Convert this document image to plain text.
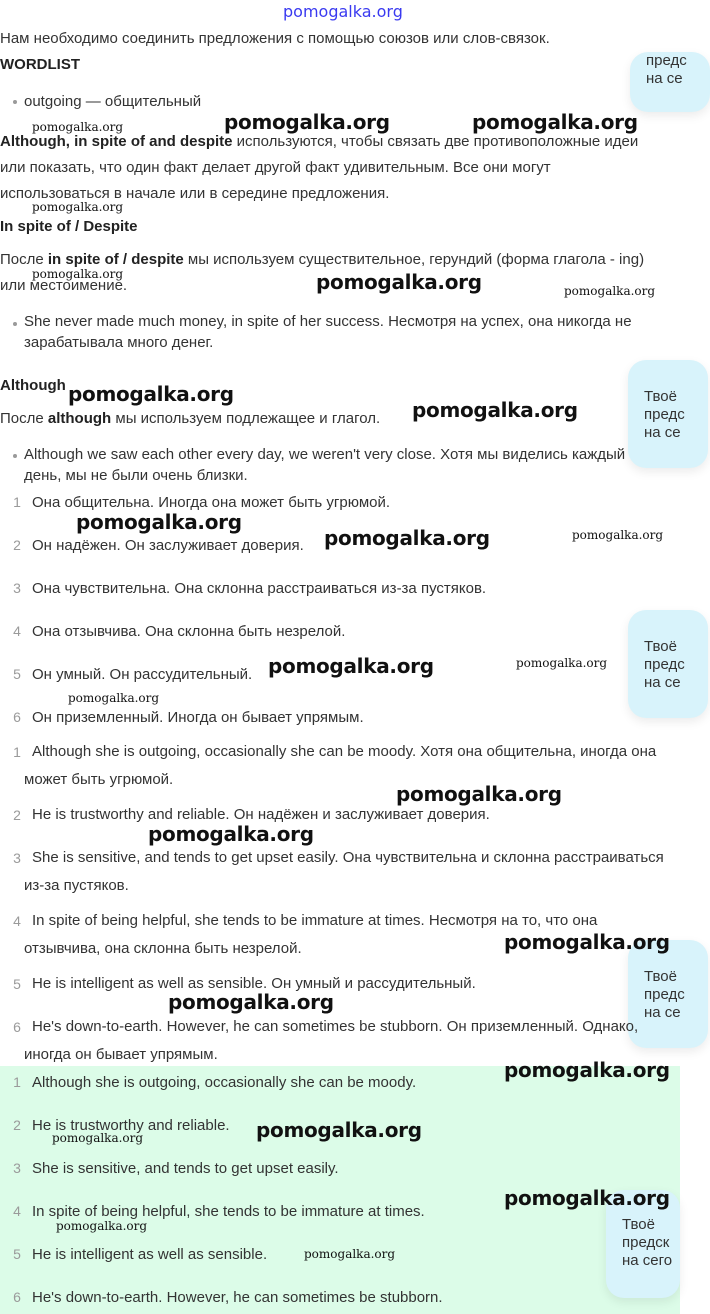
pomogalka.org
Нам необходимо соединить предложения с помощью союзов или слов-связок.
предс
на се
Твоё
предс
на се
Твоё
предс
на се
Твоё
предс
на се
WORDLIST
outgoing — общительный
Although, in spite of and despite используются, чтобы связать две противоположные идеи или показать, что один факт делает другой факт удивительным. Все они могут использоваться в начале или в середине предложения.
In spite of / Despite
После in spite of / despite мы используем существительное, герундий (форма глагола - ing) или местоимение.
She never made much money, in spite of her success. Несмотря на успех, она никогда не зарабатывала много денег.
Although
После although мы используем подлежащее и глагол.
Although we saw each other every day, we weren't very close. Хотя мы виделись каждый день, мы не были очень близки.
1 Она общительна. Иногда она может быть угрюмой.
2 Он надёжен. Он заслуживает доверия.
3 Она чувствительна. Она склонна расстраиваться из-за пустяков.
4 Она отзывчива. Она склонна быть незрелой.
5 Он умный. Он рассудительный.
6 Он приземленный. Иногда он бывает упрямым.
1 Although she is outgoing, occasionally she can be moody. Хотя она общительна, иногда она может быть угрюмой.
2 He is trustworthy and reliable. Он надёжен и заслуживает доверия.
3 She is sensitive, and tends to get upset easily. Она чувствительна и склонна расстраиваться из-за пустяков.
4 In spite of being helpful, she tends to be immature at times. Несмотря на то, что она отзывчива, она склонна быть незрелой.
5 He is intelligent as well as sensible. Он умный и рассудительный.
6 He's down-to-earth. However, he can sometimes be stubborn. Он приземленный. Однако, иногда он бывает упрямым.
1 Although she is outgoing, occasionally she can be moody.
2 He is trustworthy and reliable.
3 She is sensitive, and tends to get upset easily.
4 In spite of being helpful, she tends to be immature at times.
5 He is intelligent as well as sensible.
6 He's down-to-earth. However, he can sometimes be stubborn.
Твоё
предск
на сего
pomogalka.org	pomogalka.org	pomogalka.org
pomogalka.org
pomogalka.org	pomogalka.org	pomogalka.org
pomogalka.org
pomogalka.org
pomogalka.org
pomogalka.org	pomogalka.org
pomogalka.org	pomogalka.org
pomogalka.org
pomogalka.org
pomogalka.org
pomogalka.org
pomogalka.org
pomogalka.org
pomogalka.org	pomogalka.org
pomogalka.org
pomogalka.org
pomogalka.org
